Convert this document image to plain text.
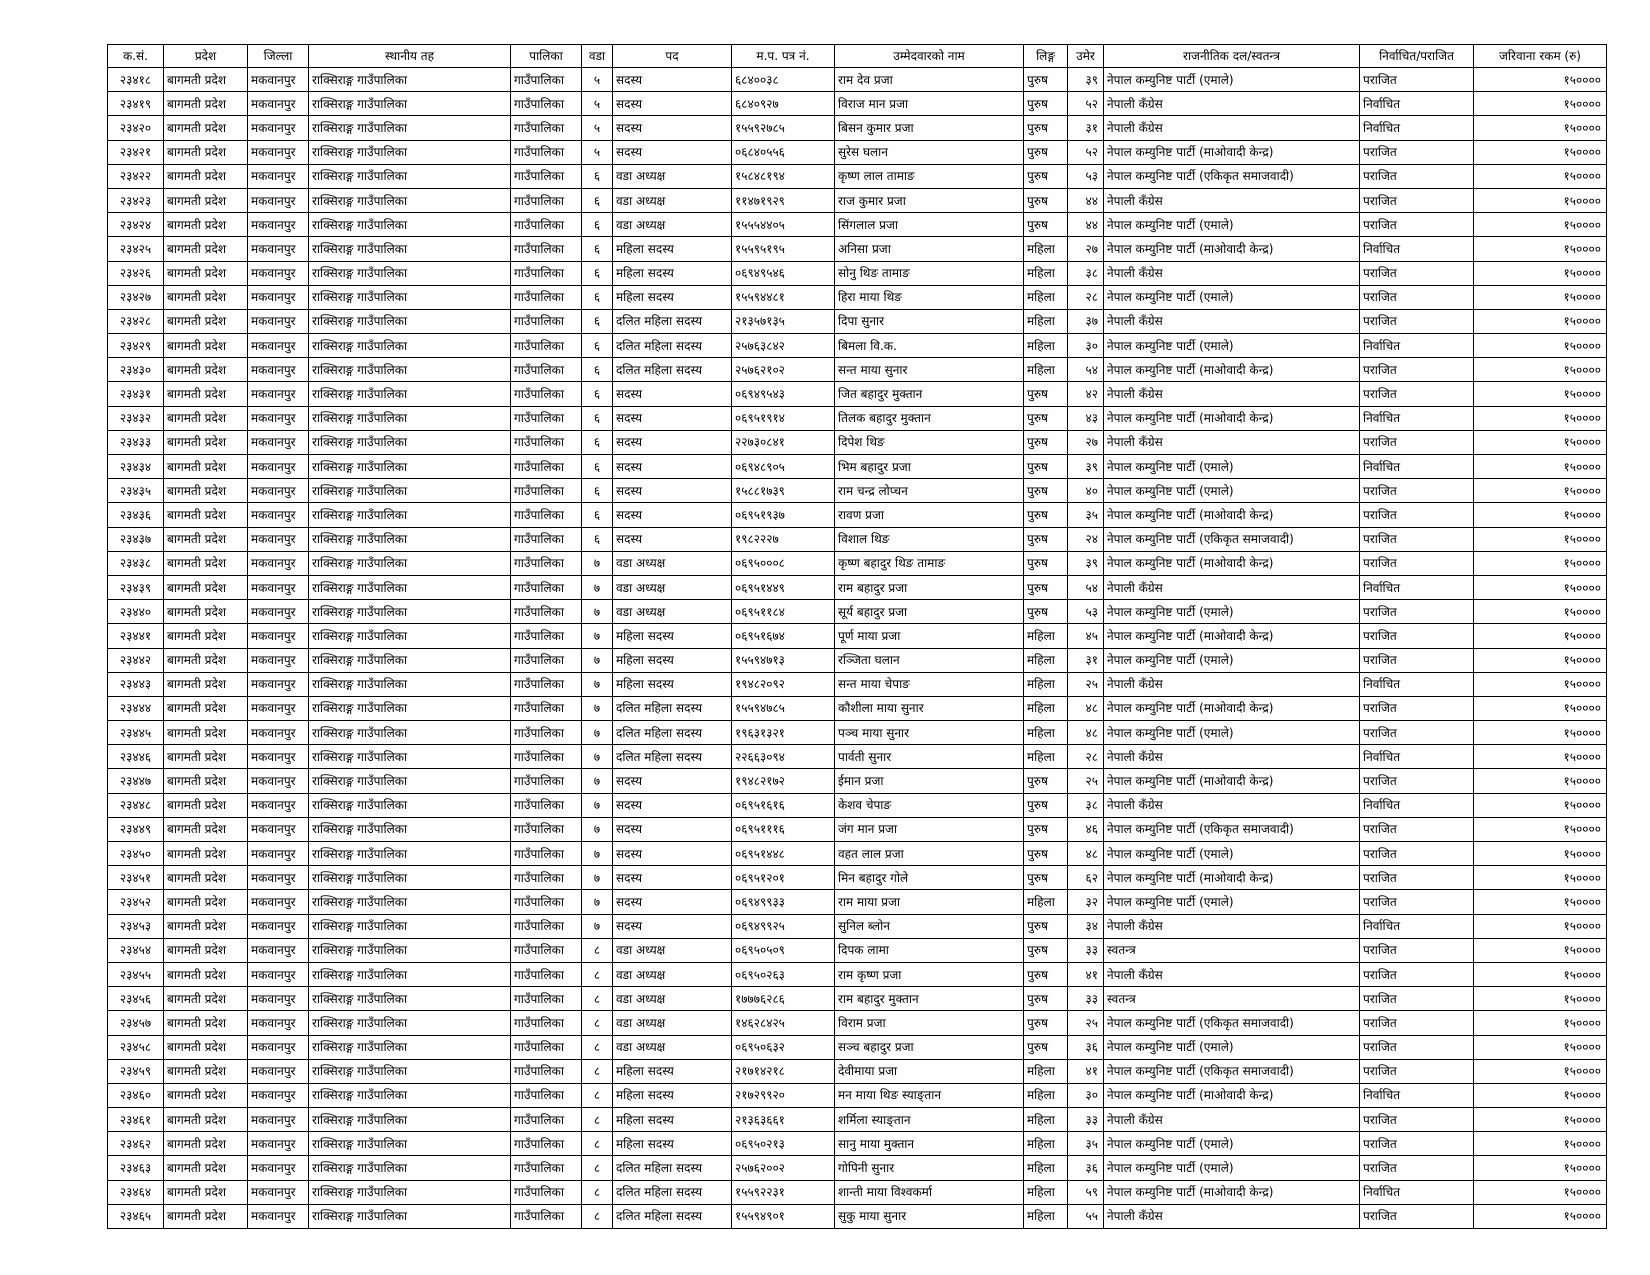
क.सं.	प्रदेश	जिल्ला	स्थानीय तह	पालिका	वडा	पद	म.प. पत्र नं.	उम्मेदवारको नाम	लिङ्ग	उमेर	राजनीतिक दल/स्वतन्त्र	निर्वाचित/पराजित	जरिवाना रकम (रु)
२३४१८	बागमती प्रदेश	मकवानपुर	राक्सिराङ्ग गाउँपालिका	गाउँपालिका	५	सदस्य	६८४००३८	राम देव प्रजा	पुरुष	३९	नेपाल कम्युनिष्ट पार्टी (एमाले)	पराजित	१५००००
२३४१९	बागमती प्रदेश	मकवानपुर	राक्सिराङ्ग गाउँपालिका	गाउँपालिका	५	सदस्य	६८४०९२७	विराज मान प्रजा	पुरुष	५२	नेपाली कँग्रेस	निर्वाचित	१५००००
२३४२०	बागमती प्रदेश	मकवानपुर	राक्सिराङ्ग गाउँपालिका	गाउँपालिका	५	सदस्य	१५५९२७८५	बिसन कुमार प्रजा	पुरुष	३१	नेपाली कँग्रेस	निर्वाचित	१५००००
२३४२१	बागमती प्रदेश	मकवानपुर	राक्सिराङ्ग गाउँपालिका	गाउँपालिका	५	सदस्य	०६८४०५५६	सुरेस घलान	पुरुष	५२	नेपाल कम्युनिष्ट पार्टी (माओवादी केन्द्र)	पराजित	१५००००
२३४२२	बागमती प्रदेश	मकवानपुर	राक्सिराङ्ग गाउँपालिका	गाउँपालिका	६	वडा अध्यक्ष	१५८४८१९४	कृष्ण लाल तामाङ	पुरुष	५३	नेपाल कम्युनिष्ट पार्टी (एकिकृत समाजवादी)	पराजित	१५००००
२३४२३	बागमती प्रदेश	मकवानपुर	राक्सिराङ्ग गाउँपालिका	गाउँपालिका	६	वडा अध्यक्ष	११४७१९२९	राज कुमार प्रजा	पुरुष	४४	नेपाली कँग्रेस	पराजित	१५००००
२३४२४	बागमती प्रदेश	मकवानपुर	राक्सिराङ्ग गाउँपालिका	गाउँपालिका	६	वडा अध्यक्ष	१५५५४४०५	सिंगलाल प्रजा	पुरुष	४४	नेपाल कम्युनिष्ट पार्टी (एमाले)	पराजित	१५००००
२३४२५	बागमती प्रदेश	मकवानपुर	राक्सिराङ्ग गाउँपालिका	गाउँपालिका	६	महिला सदस्य	१५५९५१९५	अनिसा प्रजा	महिला	२७	नेपाल कम्युनिष्ट पार्टी (माओवादी केन्द्र)	निर्वाचित	१५००००
२३४२६	बागमती प्रदेश	मकवानपुर	राक्सिराङ्ग गाउँपालिका	गाउँपालिका	६	महिला सदस्य	०६९४९५४६	सोनु थिङ तामाङ	महिला	३८	नेपाली कँग्रेस	पराजित	१५००००
२३४२७	बागमती प्रदेश	मकवानपुर	राक्सिराङ्ग गाउँपालिका	गाउँपालिका	६	महिला सदस्य	१५५९४४८१	हिरा माया थिङ	महिला	२८	नेपाल कम्युनिष्ट पार्टी (एमाले)	पराजित	१५००००
२३४२८	बागमती प्रदेश	मकवानपुर	राक्सिराङ्ग गाउँपालिका	गाउँपालिका	६	दलित महिला सदस्य	२१३५७१३५	दिपा सुनार	महिला	३७	नेपाली कँग्रेस	पराजित	१५००००
२३४२९	बागमती प्रदेश	मकवानपुर	राक्सिराङ्ग गाउँपालिका	गाउँपालिका	६	दलित महिला सदस्य	२५७६३८४२	बिमला वि.क.	महिला	३०	नेपाल कम्युनिष्ट पार्टी (एमाले)	निर्वाचित	१५००००
२३४३०	बागमती प्रदेश	मकवानपुर	राक्सिराङ्ग गाउँपालिका	गाउँपालिका	६	दलित महिला सदस्य	२५७६२१०२	सन्त माया सुनार	महिला	५४	नेपाल कम्युनिष्ट पार्टी (माओवादी केन्द्र)	पराजित	१५००००
२३४३१	बागमती प्रदेश	मकवानपुर	राक्सिराङ्ग गाउँपालिका	गाउँपालिका	६	सदस्य	०६९४९५४३	जित बहादुर मुक्तान	पुरुष	४२	नेपाली कँग्रेस	पराजित	१५००००
२३४३२	बागमती प्रदेश	मकवानपुर	राक्सिराङ्ग गाउँपालिका	गाउँपालिका	६	सदस्य	०६९५१९१४	तिलक बहादुर मुक्तान	पुरुष	४३	नेपाल कम्युनिष्ट पार्टी (माओवादी केन्द्र)	निर्वाचित	१५००००
२३४३३	बागमती प्रदेश	मकवानपुर	राक्सिराङ्ग गाउँपालिका	गाउँपालिका	६	सदस्य	२२७३०८४१	दिपेश थिङ	पुरुष	२७	नेपाली कँग्रेस	पराजित	१५००००
२३४३४	बागमती प्रदेश	मकवानपुर	राक्सिराङ्ग गाउँपालिका	गाउँपालिका	६	सदस्य	०६९४८९०५	भिम बहादुर प्रजा	पुरुष	३९	नेपाल कम्युनिष्ट पार्टी (एमाले)	निर्वाचित	१५००००
२३४३५	बागमती प्रदेश	मकवानपुर	राक्सिराङ्ग गाउँपालिका	गाउँपालिका	६	सदस्य	१५८८१७३९	राम चन्द्र लोप्चन	पुरुष	४०	नेपाल कम्युनिष्ट पार्टी (एमाले)	पराजित	१५००००
२३४३६	बागमती प्रदेश	मकवानपुर	राक्सिराङ्ग गाउँपालिका	गाउँपालिका	६	सदस्य	०६९५१९३७	रावण प्रजा	पुरुष	३५	नेपाल कम्युनिष्ट पार्टी (माओवादी केन्द्र)	पराजित	१५००००
२३४३७	बागमती प्रदेश	मकवानपुर	राक्सिराङ्ग गाउँपालिका	गाउँपालिका	६	सदस्य	१९८२२२७	विशाल थिङ	पुरुष	२४	नेपाल कम्युनिष्ट पार्टी (एकिकृत समाजवादी)	पराजित	१५००००
२३४३८	बागमती प्रदेश	मकवानपुर	राक्सिराङ्ग गाउँपालिका	गाउँपालिका	७	वडा अध्यक्ष	०६९५०००८	कृष्ण बहादुर थिङ तामाङ	पुरुष	३९	नेपाल कम्युनिष्ट पार्टी (माओवादी केन्द्र)	पराजित	१५००००
२३४३९	बागमती प्रदेश	मकवानपुर	राक्सिराङ्ग गाउँपालिका	गाउँपालिका	७	वडा अध्यक्ष	०६९५१४४९	राम बहादुर प्रजा	पुरुष	५४	नेपाली कँग्रेस	निर्वाचित	१५००००
२३४४०	बागमती प्रदेश	मकवानपुर	राक्सिराङ्ग गाउँपालिका	गाउँपालिका	७	वडा अध्यक्ष	०६९५११८४	सूर्य बहादुर प्रजा	पुरुष	५३	नेपाल कम्युनिष्ट पार्टी (एमाले)	पराजित	१५००००
२३४४१	बागमती प्रदेश	मकवानपुर	राक्सिराङ्ग गाउँपालिका	गाउँपालिका	७	महिला सदस्य	०६९५१६७४	पूर्ण माया प्रजा	महिला	४५	नेपाल कम्युनिष्ट पार्टी (माओवादी केन्द्र)	पराजित	१५००००
२३४४२	बागमती प्रदेश	मकवानपुर	राक्सिराङ्ग गाउँपालिका	गाउँपालिका	७	महिला सदस्य	१५५९४७१३	रञ्जिता घलान	महिला	३१	नेपाल कम्युनिष्ट पार्टी (एमाले)	पराजित	१५००००
२३४४३	बागमती प्रदेश	मकवानपुर	राक्सिराङ्ग गाउँपालिका	गाउँपालिका	७	महिला सदस्य	१९४८२०९२	सन्त माया चेपाङ	महिला	२५	नेपाली कँग्रेस	निर्वाचित	१५००००
२३४४४	बागमती प्रदेश	मकवानपुर	राक्सिराङ्ग गाउँपालिका	गाउँपालिका	७	दलित महिला सदस्य	१५५९४७८५	कौशीला माया सुनार	महिला	४८	नेपाल कम्युनिष्ट पार्टी (माओवादी केन्द्र)	पराजित	१५००००
२३४४५	बागमती प्रदेश	मकवानपुर	राक्सिराङ्ग गाउँपालिका	गाउँपालिका	७	दलित महिला सदस्य	१९६३१३२१	पञ्च माया सुनार	महिला	४८	नेपाल कम्युनिष्ट पार्टी (एमाले)	पराजित	१५००००
२३४४६	बागमती प्रदेश	मकवानपुर	राक्सिराङ्ग गाउँपालिका	गाउँपालिका	७	दलित महिला सदस्य	२२६६३०९४	पार्वती सुनार	महिला	२८	नेपाली कँग्रेस	निर्वाचित	१५००००
२३४४७	बागमती प्रदेश	मकवानपुर	राक्सिराङ्ग गाउँपालिका	गाउँपालिका	७	सदस्य	१९४८२१७२	ईमान प्रजा	पुरुष	२५	नेपाल कम्युनिष्ट पार्टी (माओवादी केन्द्र)	पराजित	१५००००
२३४४८	बागमती प्रदेश	मकवानपुर	राक्सिराङ्ग गाउँपालिका	गाउँपालिका	७	सदस्य	०६९५१६१६	केशव चेपाङ	पुरुष	३८	नेपाली कँग्रेस	निर्वाचित	१५००००
२३४४९	बागमती प्रदेश	मकवानपुर	राक्सिराङ्ग गाउँपालिका	गाउँपालिका	७	सदस्य	०६९५१११६	जंग मान प्रजा	पुरुष	४६	नेपाल कम्युनिष्ट पार्टी (एकिकृत समाजवादी)	पराजित	१५००००
२३४५०	बागमती प्रदेश	मकवानपुर	राक्सिराङ्ग गाउँपालिका	गाउँपालिका	७	सदस्य	०६९५१४४८	वहत लाल प्रजा	पुरुष	४८	नेपाल कम्युनिष्ट पार्टी (एमाले)	पराजित	१५००००
२३४५१	बागमती प्रदेश	मकवानपुर	राक्सिराङ्ग गाउँपालिका	गाउँपालिका	७	सदस्य	०६९५१२०१	मिन बहादुर गोले	पुरुष	६२	नेपाल कम्युनिष्ट पार्टी (माओवादी केन्द्र)	पराजित	१५००००
२३४५२	बागमती प्रदेश	मकवानपुर	राक्सिराङ्ग गाउँपालिका	गाउँपालिका	७	सदस्य	०६९४९९३३	राम माया प्रजा	महिला	३२	नेपाल कम्युनिष्ट पार्टी (एमाले)	पराजित	१५००००
२३४५३	बागमती प्रदेश	मकवानपुर	राक्सिराङ्ग गाउँपालिका	गाउँपालिका	७	सदस्य	०६९४९९२५	सुनिल ब्लोन	पुरुष	३४	नेपाली कँग्रेस	निर्वाचित	१५००००
२३४५४	बागमती प्रदेश	मकवानपुर	राक्सिराङ्ग गाउँपालिका	गाउँपालिका	८	वडा अध्यक्ष	०६९५०५०९	दिपक लामा	पुरुष	३३	स्वतन्त्र	पराजित	१५००००
२३४५५	बागमती प्रदेश	मकवानपुर	राक्सिराङ्ग गाउँपालिका	गाउँपालिका	८	वडा अध्यक्ष	०६९५०२६३	राम कृष्ण प्रजा	पुरुष	४१	नेपाली कँग्रेस	पराजित	१५००००
२३४५६	बागमती प्रदेश	मकवानपुर	राक्सिराङ्ग गाउँपालिका	गाउँपालिका	८	वडा अध्यक्ष	१७७७६२८६	राम बहादुर मुक्तान	पुरुष	३३	स्वतन्त्र	पराजित	१५००००
२३४५७	बागमती प्रदेश	मकवानपुर	राक्सिराङ्ग गाउँपालिका	गाउँपालिका	८	वडा अध्यक्ष	१४६२८४२५	विराम प्रजा	पुरुष	२५	नेपाल कम्युनिष्ट पार्टी (एकिकृत समाजवादी)	पराजित	१५००००
२३४५८	बागमती प्रदेश	मकवानपुर	राक्सिराङ्ग गाउँपालिका	गाउँपालिका	८	वडा अध्यक्ष	०६९५०६३२	सञ्च बहादुर प्रजा	पुरुष	३६	नेपाल कम्युनिष्ट पार्टी (एमाले)	पराजित	१५००००
२३४५९	बागमती प्रदेश	मकवानपुर	राक्सिराङ्ग गाउँपालिका	गाउँपालिका	८	महिला सदस्य	२१७१४२१८	देवीमाया प्रजा	महिला	४१	नेपाल कम्युनिष्ट पार्टी (एकिकृत समाजवादी)	पराजित	१५००००
२३४६०	बागमती प्रदेश	मकवानपुर	राक्सिराङ्ग गाउँपालिका	गाउँपालिका	८	महिला सदस्य	२१७२९९२०	मन माया थिङ स्याङ्तान	महिला	३०	नेपाल कम्युनिष्ट पार्टी (माओवादी केन्द्र)	निर्वाचित	१५००००
२३४६१	बागमती प्रदेश	मकवानपुर	राक्सिराङ्ग गाउँपालिका	गाउँपालिका	८	महिला सदस्य	२१३६३६६१	शर्मिला स्याङ्तान	महिला	३३	नेपाली कँग्रेस	पराजित	१५००००
२३४६२	बागमती प्रदेश	मकवानपुर	राक्सिराङ्ग गाउँपालिका	गाउँपालिका	८	महिला सदस्य	०६९५०२१३	सानु माया मुक्तान	महिला	३५	नेपाल कम्युनिष्ट पार्टी (एमाले)	पराजित	१५००००
२३४६३	बागमती प्रदेश	मकवानपुर	राक्सिराङ्ग गाउँपालिका	गाउँपालिका	८	दलित महिला सदस्य	२५७६२००२	गोपिनी सुनार	महिला	३६	नेपाल कम्युनिष्ट पार्टी (एमाले)	पराजित	१५००००
२३४६४	बागमती प्रदेश	मकवानपुर	राक्सिराङ्ग गाउँपालिका	गाउँपालिका	८	दलित महिला सदस्य	१५५९२२३१	शान्ती माया विश्वकर्मा	महिला	५९	नेपाल कम्युनिष्ट पार्टी (माओवादी केन्द्र)	निर्वाचित	१५००००
२३४६५	बागमती प्रदेश	मकवानपुर	राक्सिराङ्ग गाउँपालिका	गाउँपालिका	८	दलित महिला सदस्य	१५५९४९०१	सुकु माया सुनार	महिला	५५	नेपाली कँग्रेस	पराजित	१५००००
